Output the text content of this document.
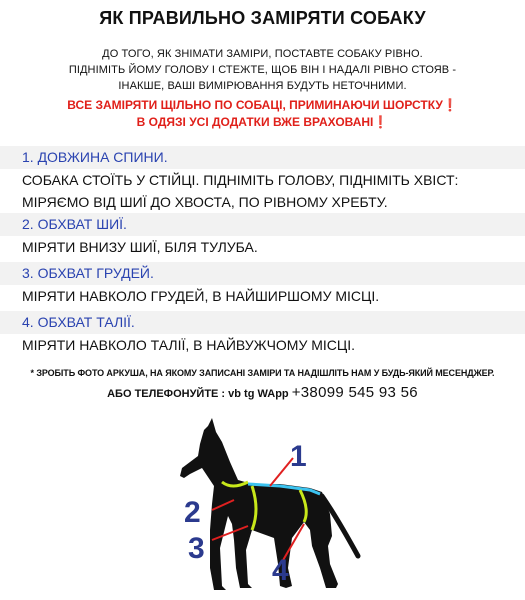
ЯК ПРАВИЛЬНО ЗАМІРЯТИ СОБАКУ
ДО ТОГО, ЯК ЗНІМАТИ ЗАМІРИ, ПОСТАВТЕ СОБАКУ РІВНО.
ПІДНІМІТЬ ЙОМУ ГОЛОВУ І СТЕЖТЕ, ЩОБ ВІН І НАДАЛІ РІВНО СТОЯВ -
ІНАКШЕ, ВАШІ ВИМІРЮВАННЯ БУДУТЬ НЕТОЧНИМИ.
ВСЕ ЗАМІРЯТИ ЩІЛЬНО ПО СОБАЦІ, ПРИМИНАЮЧИ ШОРСТКУ❗
В ОДЯЗІ УСІ ДОДАТКИ ВЖЕ ВРАХОВАНІ❗
1. ДОВЖИНА СПИНИ.
СОБАКА СТОЇТЬ У СТІЙЦІ. ПІДНІМІТЬ ГОЛОВУ, ПІДНІМІТЬ ХВІСТ:
МІРЯЄМО ВІД ШИЇ ДО ХВОСТА, ПО РІВНОМУ ХРЕБТУ.
2. ОБХВАТ ШИЇ.
МІРЯТИ ВНИЗУ ШИЇ, БІЛЯ ТУЛУБА.
3. ОБХВАТ ГРУДЕЙ.
МІРЯТИ НАВКОЛО ГРУДЕЙ, В НАЙШИРШОМУ МІСЦІ.
4. ОБХВАТ ТАЛІЇ.
МІРЯТИ НАВКОЛО ТАЛІЇ, В НАЙВУЖЧОМУ МІСЦІ.
* ЗРОБІТЬ ФОТО АРКУША, НА ЯКОМУ ЗАПИСАНІ ЗАМІРИ ТА НАДІШЛІТЬ НАМ У БУДЬ-ЯКИЙ МЕСЕНДЖЕР.
АБО ТЕЛЕФОНУЙТЕ : vb tg WApp +38099 545 93 56
1
2
3
4
